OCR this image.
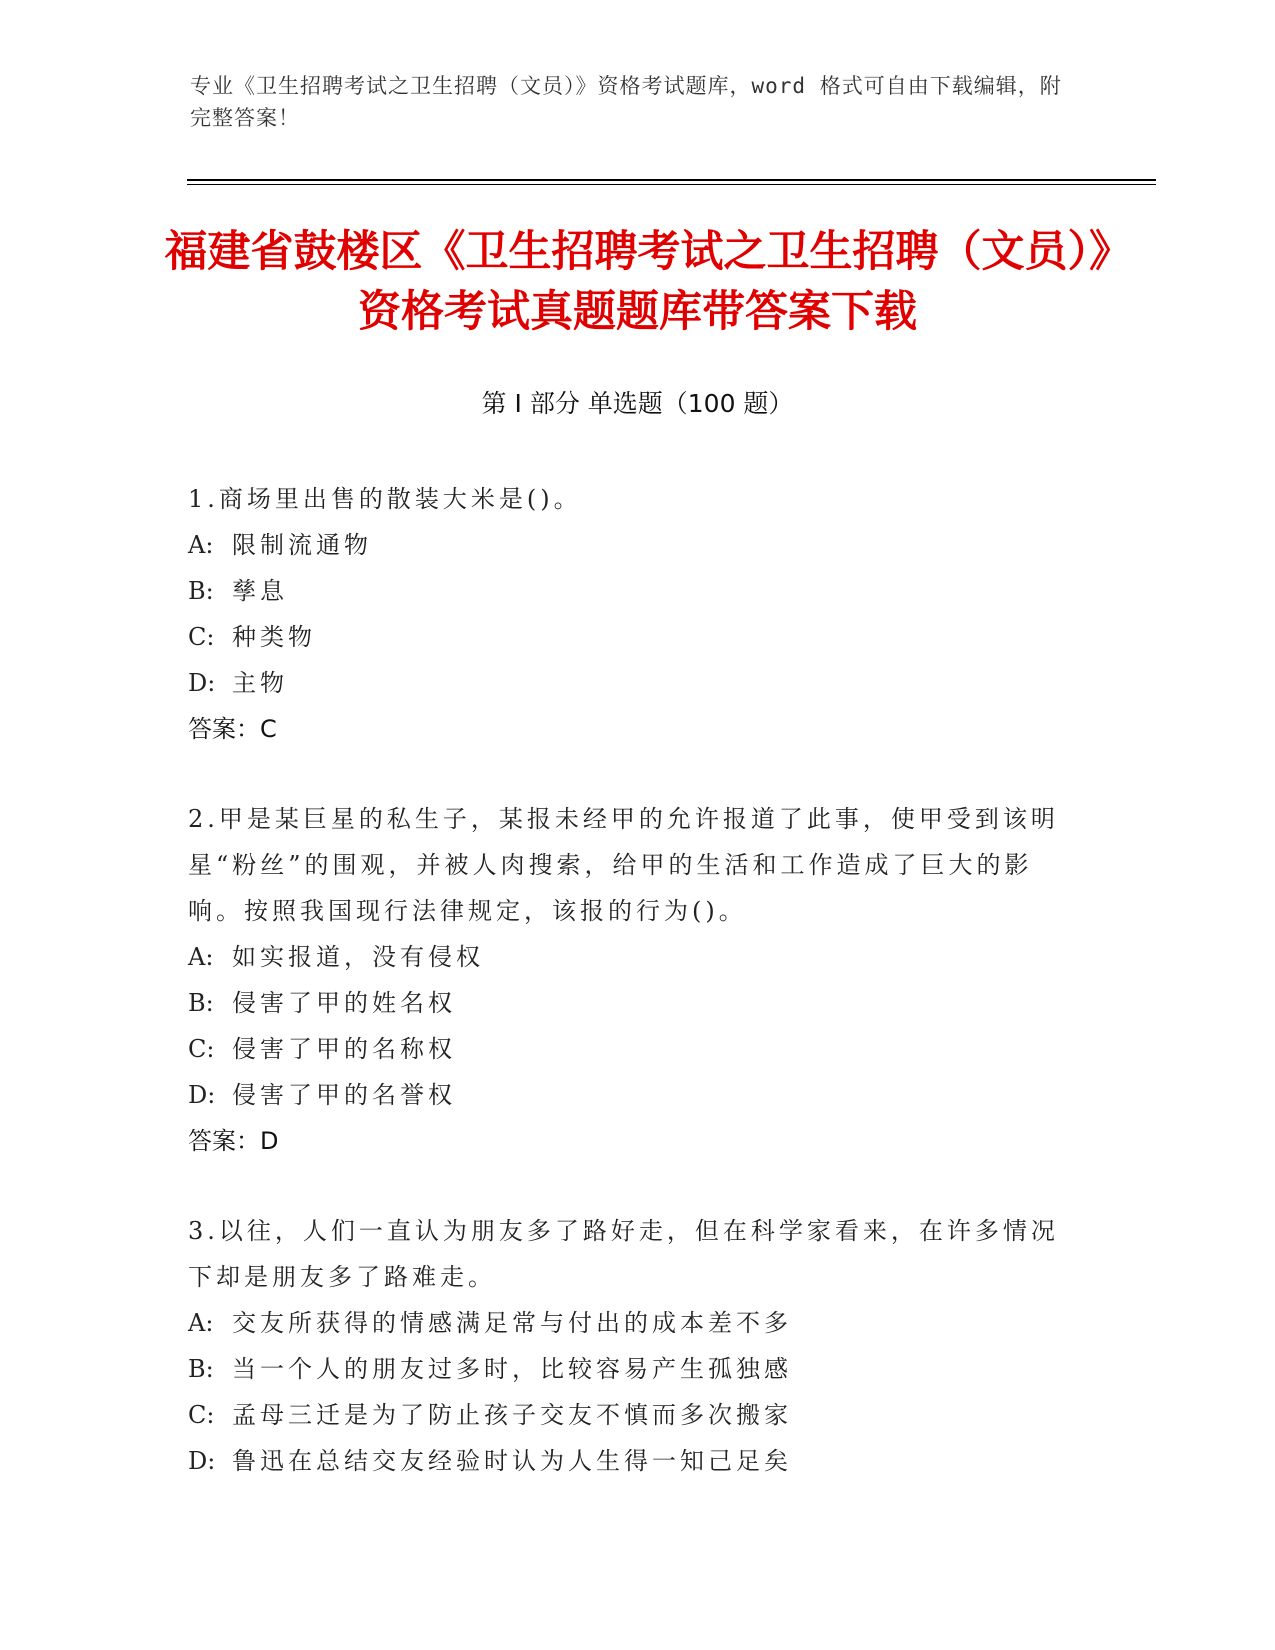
专业《卫生招聘考试之卫生招聘（文员）》资格考试题库，word 格式可自由下载编辑，附完整答案！
福建省鼓楼区《卫生招聘考试之卫生招聘（文员）》资格考试真题题库带答案下载
第 I 部分 单选题（100 题）
1.商场里出售的散装大米是()。
A: 限制流通物
B: 孳息
C: 种类物
D: 主物
答案：C
2.甲是某巨星的私生子，某报未经甲的允许报道了此事，使甲受到该明星“粉丝”的围观，并被人肉搜索，给甲的生活和工作造成了巨大的影响。按照我国现行法律规定，该报的行为()。
A: 如实报道，没有侵权
B: 侵害了甲的姓名权
C: 侵害了甲的名称权
D: 侵害了甲的名誉权
答案：D
3.以往，人们一直认为朋友多了路好走，但在科学家看来，在许多情况下却是朋友多了路难走。
A: 交友所获得的情感满足常与付出的成本差不多
B: 当一个人的朋友过多时，比较容易产生孤独感
C: 孟母三迁是为了防止孩子交友不慎而多次搬家
D: 鲁迅在总结交友经验时认为人生得一知己足矣
